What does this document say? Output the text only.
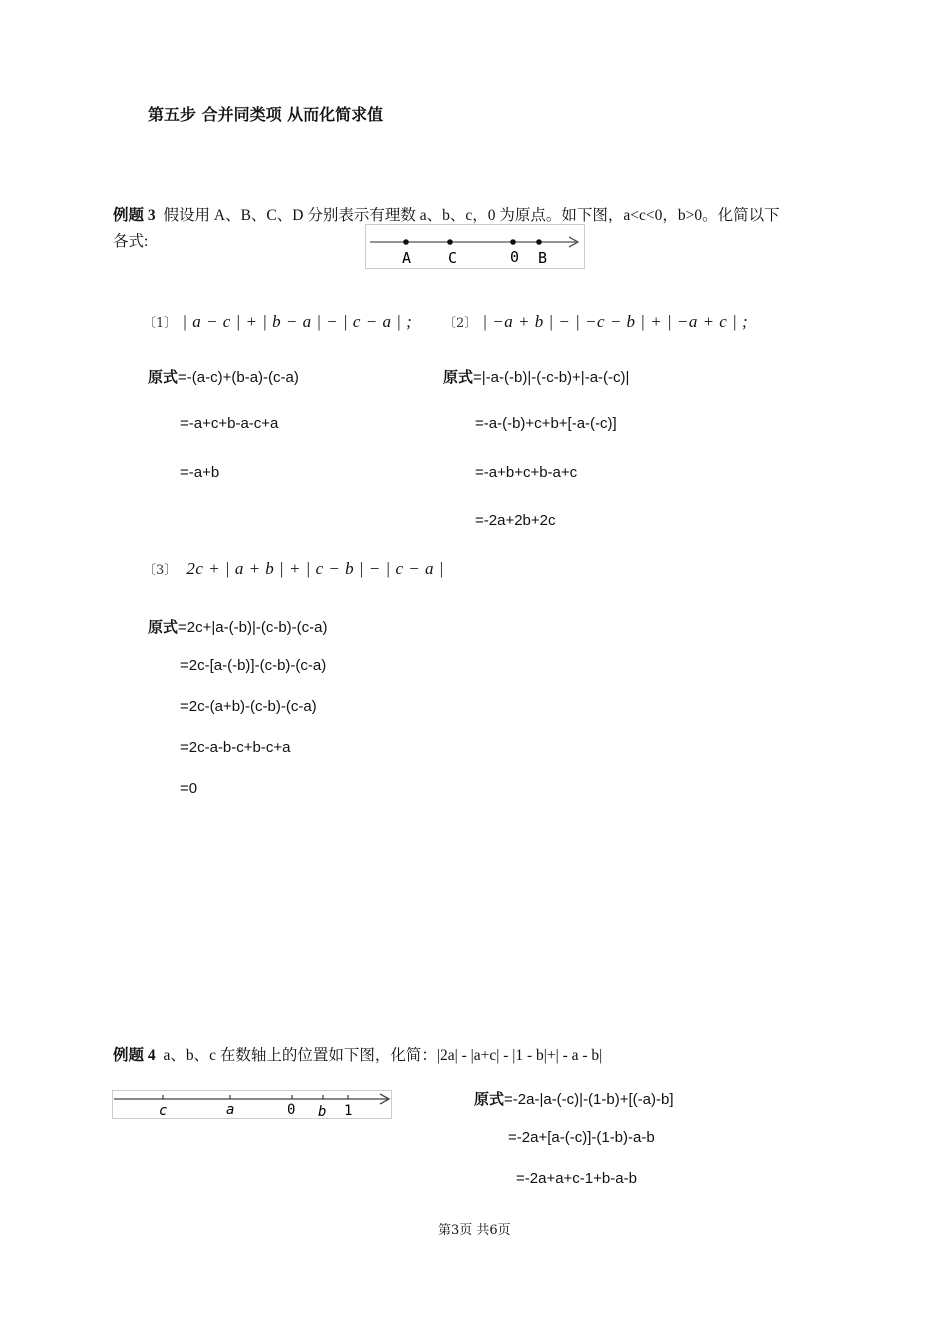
第五步 合并同类项 从而化简求值
例题 3 假设用 A、B、C、D 分别表示有理数 a、b、c，0 为原点。如下图，a<c<0，b>0。化简以下
各式:
A C	0 B
〔1〕 | a − c | + | b − a | − | c − a | ;
原式=-(a-c)+(b-a)-(c-a)
=-a+c+b-a-c+a
=-a+b
〔2〕 | −a + b | − | −c − b | + | −a + c | ;
原式=|-a-(-b)|-(-c-b)+|-a-(-c)|
=-a-(-b)+c+b+[-a-(-c)]
=-a+b+c+b-a+c
=-2a+2b+2c
〔3〕 2c + | a + b | + | c − b | − | c − a |
原式=2c+|a-(-b)|-(c-b)-(c-a)
=2c-[a-(-b)]-(c-b)-(c-a)
=2c-(a+b)-(c-b)-(c-a)
=2c-a-b-c+b-c+a
=0
例题 4 a、b、c 在数轴上的位置如下图，化简：|2a| - |a+c| - |1 - b|+| - a - b|
c	a	0 b 1
原式=-2a-|a-(-c)|-(1-b)+[(-a)-b]
=-2a+[a-(-c)]-(1-b)-a-b
=-2a+a+c-1+b-a-b
第3页 共6页
